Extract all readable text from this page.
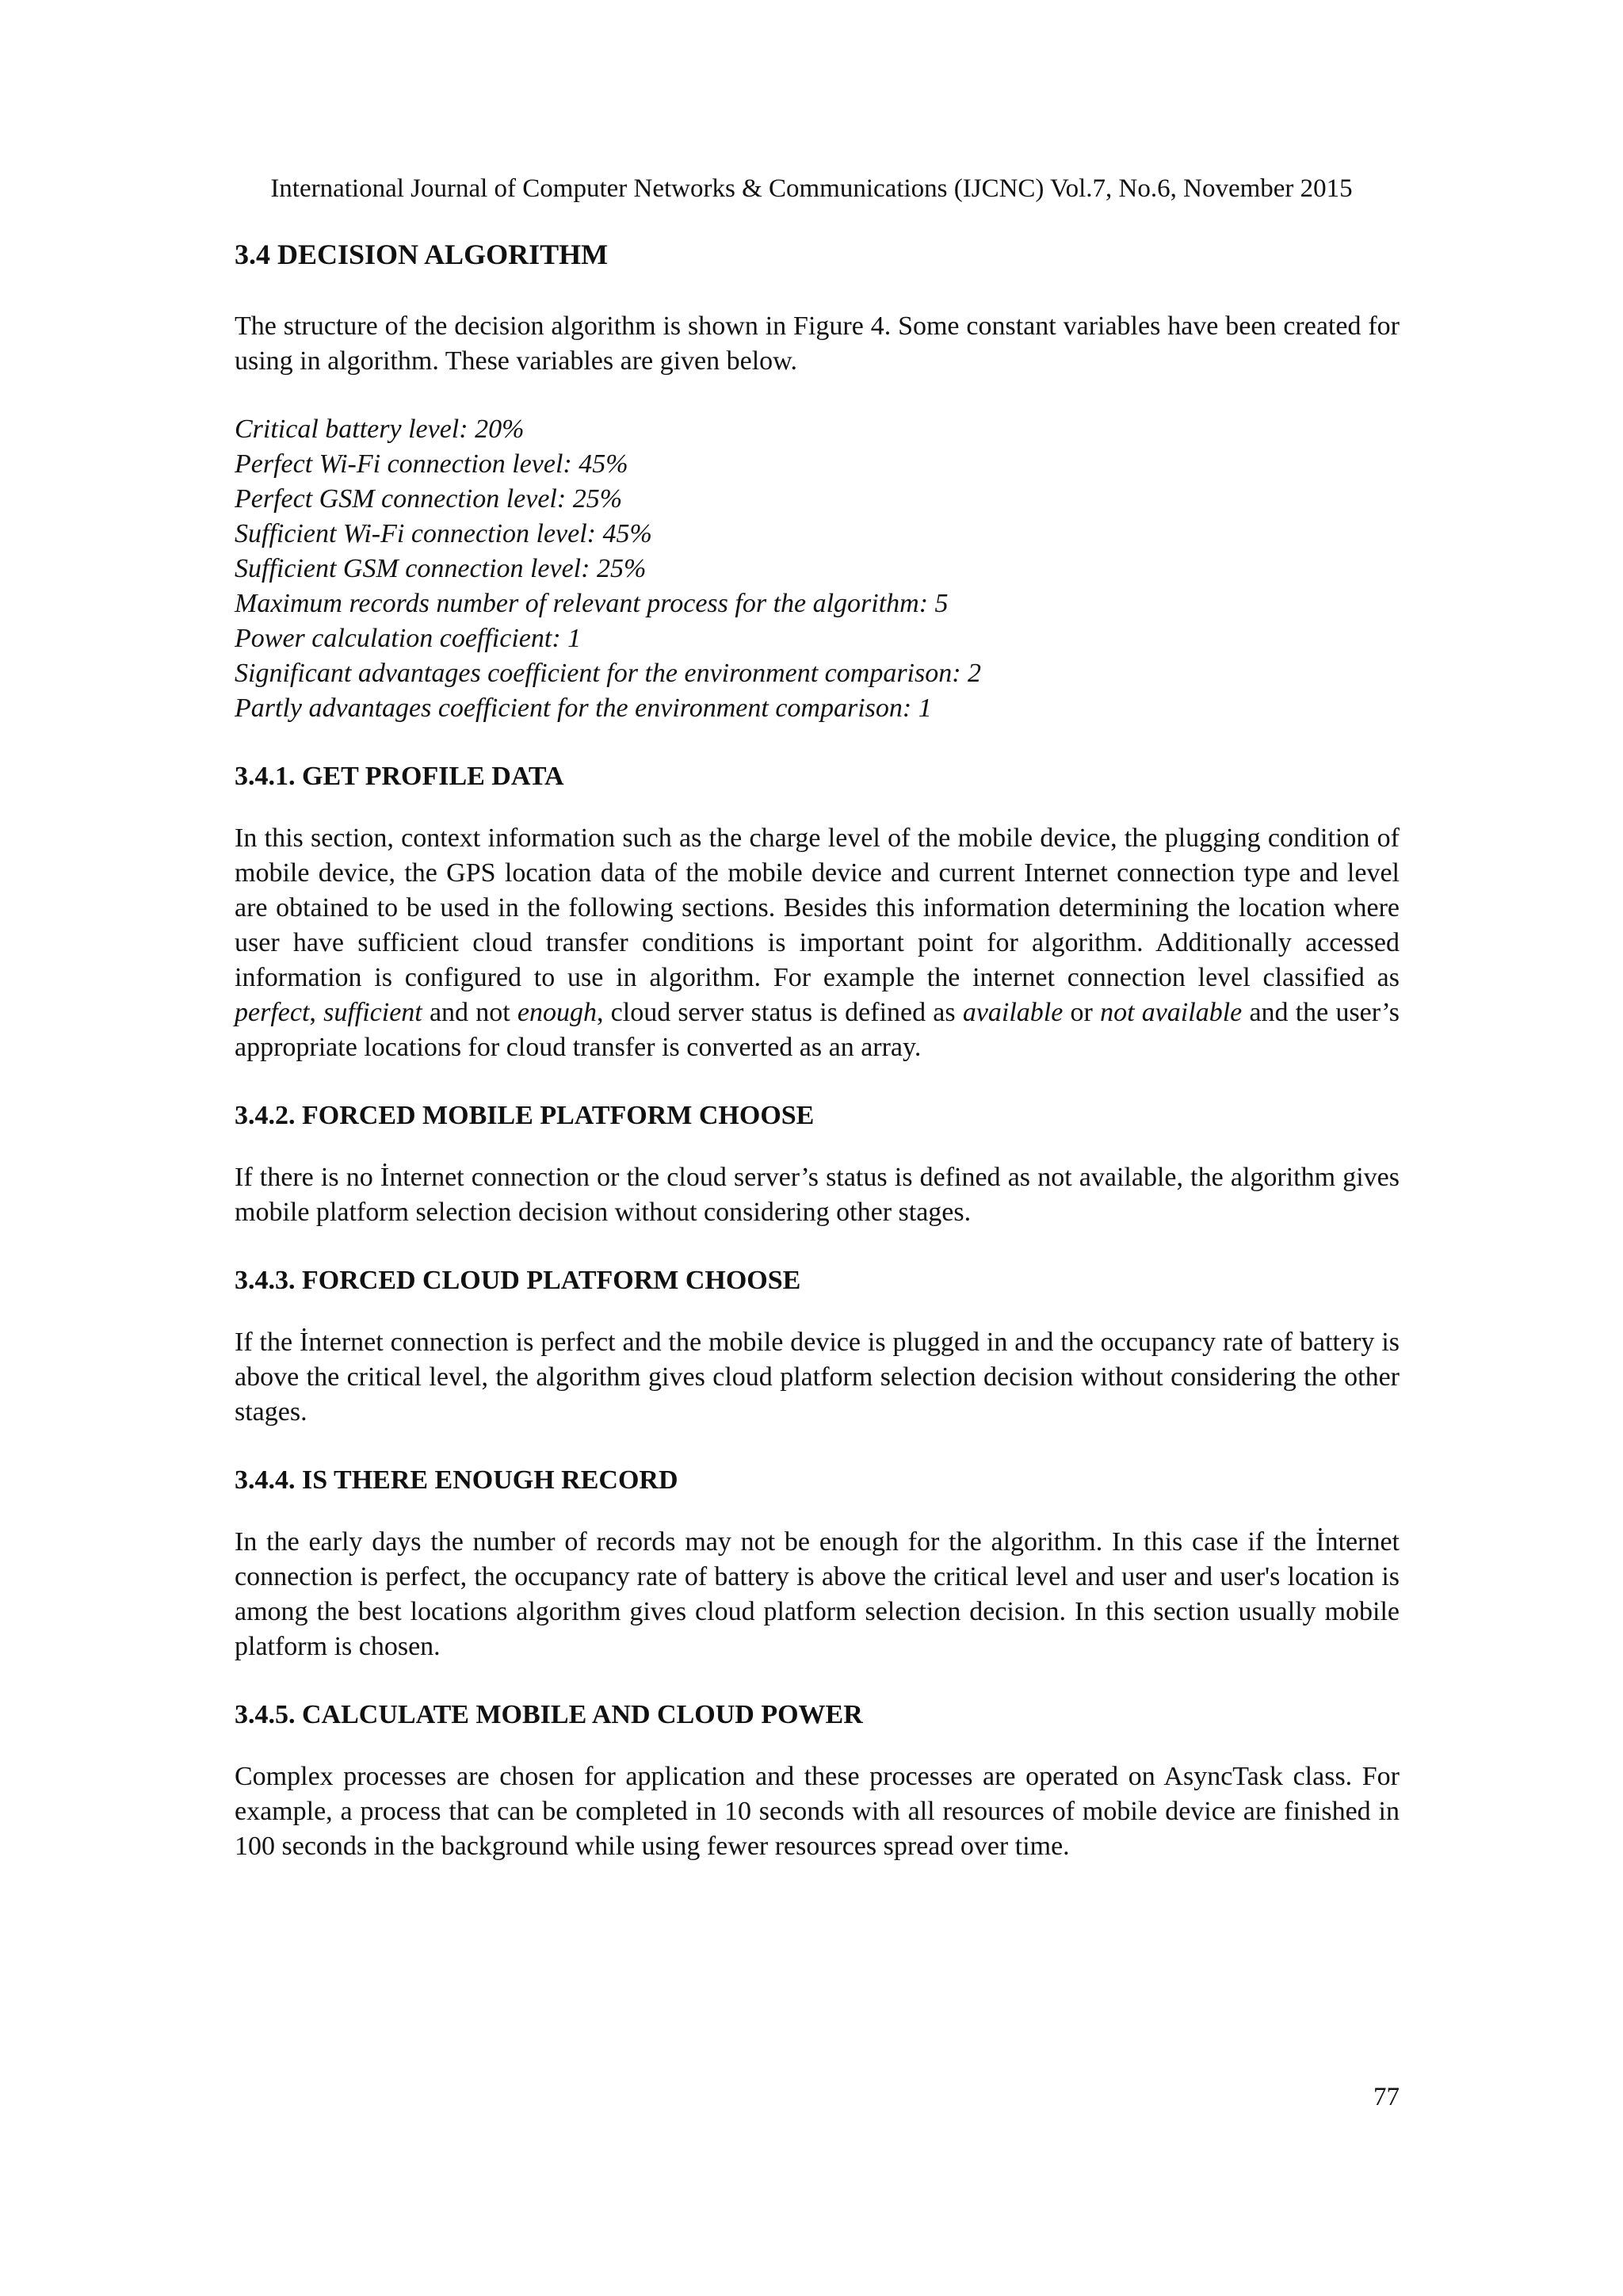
International Journal of Computer Networks & Communications (IJCNC) Vol.7, No.6, November 2015

3.4 DECISION ALGORITHM

The structure of the decision algorithm is shown in Figure 4. Some constant variables have been created for using in algorithm. These variables are given below.

Critical battery level: 20%
Perfect Wi-Fi connection level: 45%
Perfect GSM connection level: 25%
Sufficient Wi-Fi connection level: 45%
Sufficient GSM connection level: 25%
Maximum records number of relevant process for the algorithm: 5
Power calculation coefficient: 1
Significant advantages coefficient for the environment comparison: 2
Partly advantages coefficient for the environment comparison: 1
3.4.1. GET PROFILE DATA

In this section, context information such as the charge level of the mobile device, the plugging condition of mobile device, the GPS location data of the mobile device and current Internet connection type and level are obtained to be used in the following sections. Besides this information determining the location where user have sufficient cloud transfer conditions is important point for algorithm. Additionally accessed information is configured to use in algorithm. For example the internet connection level classified as perfect, sufficient and not enough, cloud server status is defined as available or not available and the user’s appropriate locations for cloud transfer is converted as an array.

3.4.2. FORCED MOBILE PLATFORM CHOOSE

If there is no İnternet connection or the cloud server’s status is defined as not available, the algorithm gives mobile platform selection decision without considering other stages.

3.4.3. FORCED CLOUD PLATFORM CHOOSE

If the İnternet connection is perfect and the mobile device is plugged in and the occupancy rate of battery is above the critical level, the algorithm gives cloud platform selection decision without considering the other stages.

3.4.4. IS THERE ENOUGH RECORD

In the early days the number of records may not be enough for the algorithm. In this case if the İnternet connection is perfect, the occupancy rate of battery is above the critical level and user and user's location is among the best locations algorithm gives cloud platform selection decision. In this section usually mobile platform is chosen.

3.4.5. CALCULATE MOBILE AND CLOUD POWER

Complex processes are chosen for application and these processes are operated on AsyncTask class. For example, a process that can be completed in 10 seconds with all resources of mobile device are finished in 100 seconds in the background while using fewer resources spread over time.

77
